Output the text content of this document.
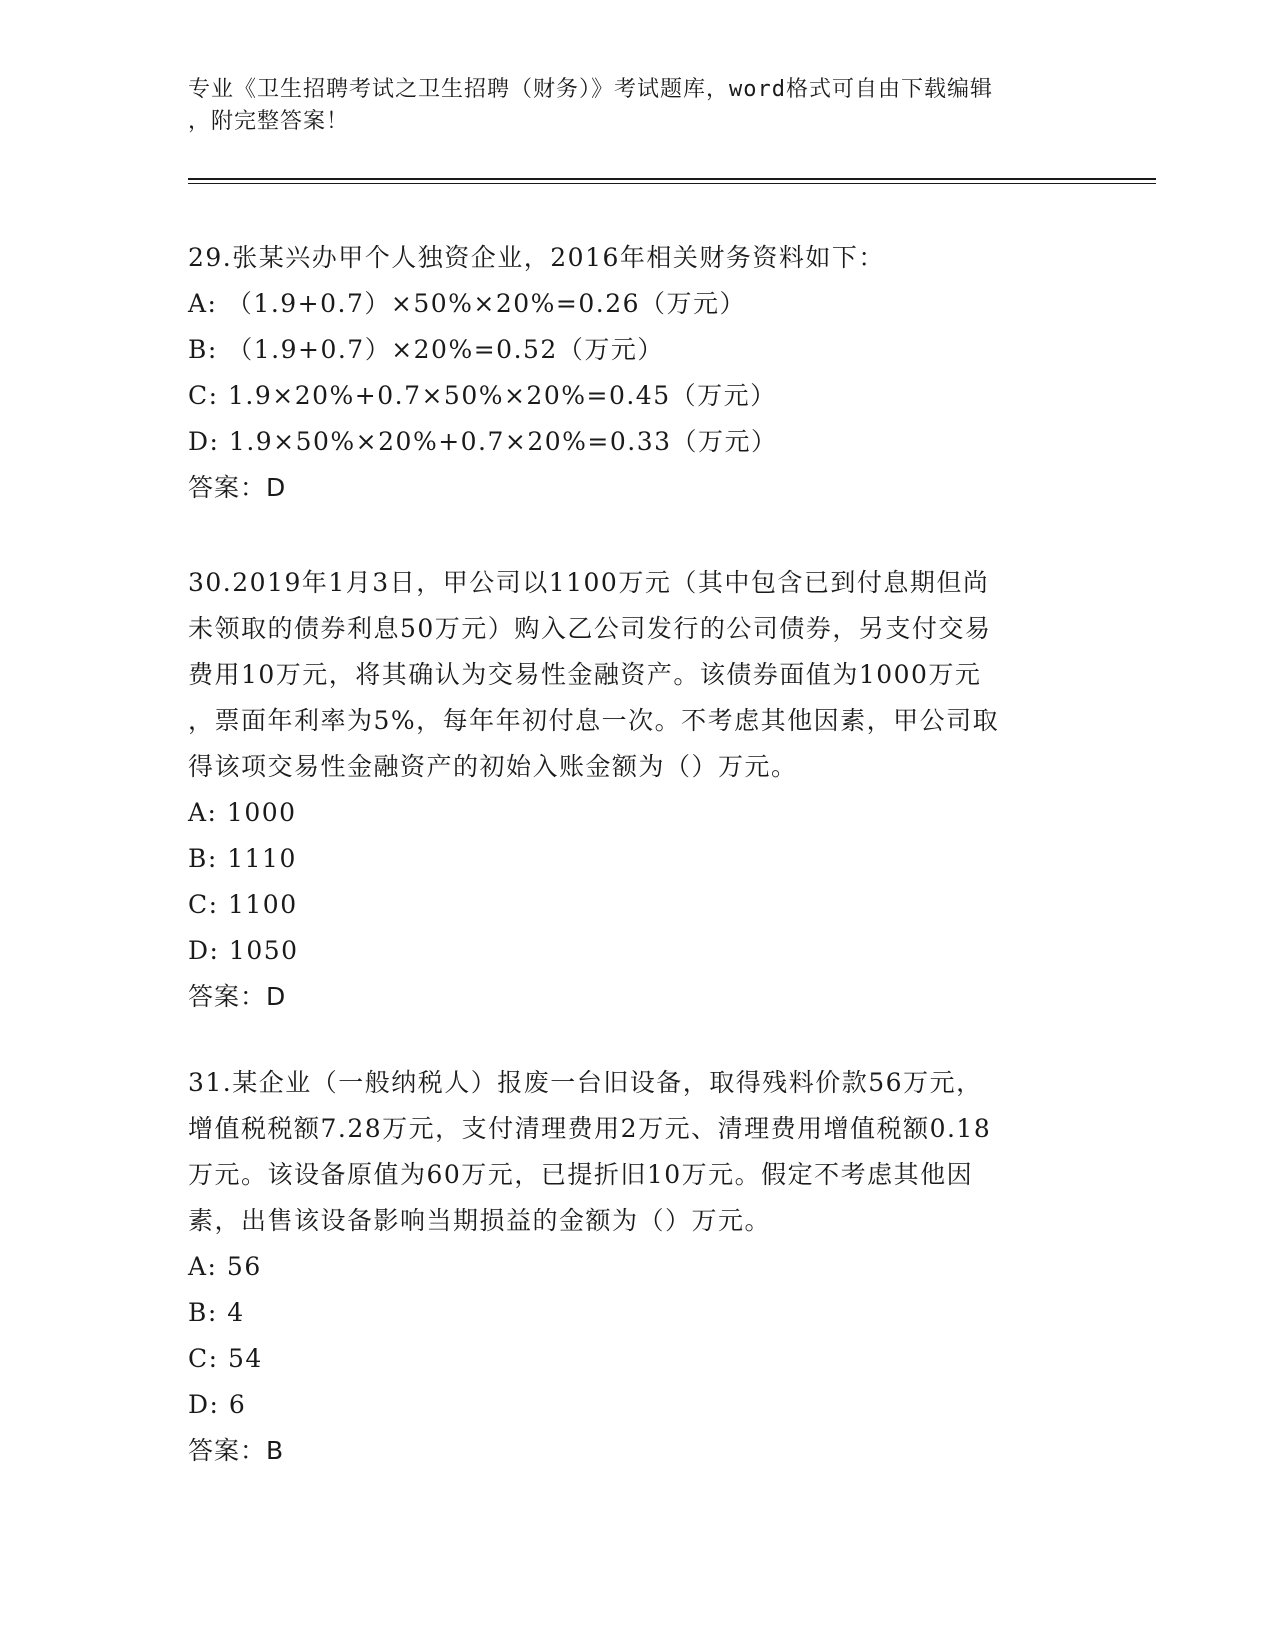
专业《卫生招聘考试之卫生招聘（财务）》考试题库，word格式可自由下载编辑
，附完整答案！
29.张某兴办甲个人独资企业，2016年相关财务资料如下：
A: （1.9+0.7）×50%×20%=0.26（万元）
B: （1.9+0.7）×20%=0.52（万元）
C: 1.9×20%+0.7×50%×20%=0.45（万元）
D: 1.9×50%×20%+0.7×20%=0.33（万元）
答案：D
30.2019年1月3日，甲公司以1100万元（其中包含已到付息期但尚
未领取的债券利息50万元）购入乙公司发行的公司债券，另支付交易
费用10万元，将其确认为交易性金融资产。该债券面值为1000万元
，票面年利率为5%，每年年初付息一次。不考虑其他因素，甲公司取
得该项交易性金融资产的初始入账金额为（）万元。
A: 1000
B: 1110
C: 1100
D: 1050
答案：D
31.某企业（一般纳税人）报废一台旧设备，取得残料价款56万元，
增值税税额7.28万元，支付清理费用2万元、清理费用增值税额0.18
万元。该设备原值为60万元，已提折旧10万元。假定不考虑其他因
素，出售该设备影响当期损益的金额为（）万元。
A: 56
B: 4
C: 54
D: 6
答案：B
